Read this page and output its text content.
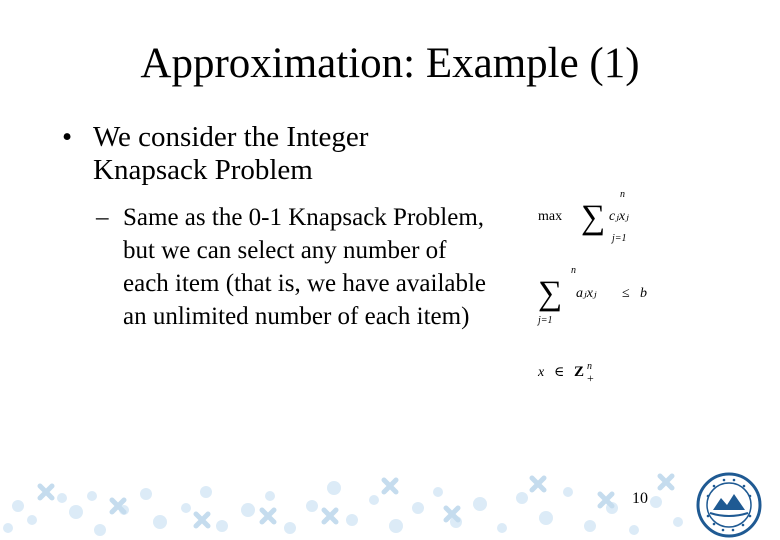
Approximation: Example (1)
• We consider the Integer Knapsack Problem
– Same as the 0-1 Knapsack Problem, but we can select any number of each item (that is, we have available an unlimited number of each item)
max
n
∑
j=1
cⱼxⱼ
n
∑
j=1
aⱼxⱼ ≤ b
x ∈ Z n
+
10
